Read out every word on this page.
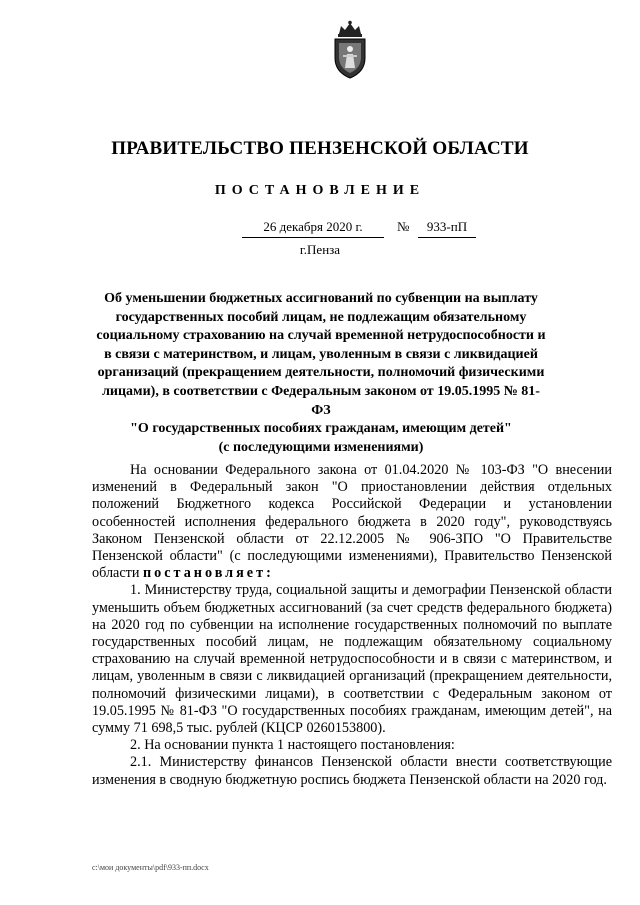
ПРАВИТЕЛЬСТВО ПЕНЗЕНСКОЙ ОБЛАСТИ
ПОСТАНОВЛЕНИЕ
26 декабря 2020 г.	№	933-пП
г.Пенза
Об уменьшении бюджетных ассигнований по субвенции на выплату
государственных пособий лицам, не подлежащим обязательному
социальному страхованию на случай временной нетрудоспособности и
в связи с материнством, и лицам, уволенным в связи с ликвидацией
организаций (прекращением деятельности, полномочий физическими
лицами), в соответствии с Федеральным законом от 19.05.1995 № 81-ФЗ
"О государственных пособиях гражданам, имеющим детей"
(с последующими изменениями)

На основании Федерального закона от 01.04.2020 № 103-ФЗ "О внесении изменений в Федеральный закон "О приостановлении действия отдельных положений Бюджетного кодекса Российской Федерации и установлении особенностей исполнения федерального бюджета в 2020 году", руководствуясь Законом Пензенской области от 22.12.2005 № 906-ЗПО "О Правительстве Пензенской области" (с последующими изменениями), Правительство Пензенской области постановляет:

1. Министерству труда, социальной защиты и демографии Пензенской области уменьшить объем бюджетных ассигнований (за счет средств федерального бюджета) на 2020 год по субвенции на исполнение государственных полномочий по выплате государственных пособий лицам, не подлежащим обязательному социальному страхованию на случай временной нетрудоспособности и в связи с материнством, и лицам, уволенным в связи с ликвидацией организаций (прекращением деятельности, полномочий физическими лицами), в соответствии с Федеральным законом от 19.05.1995 № 81-ФЗ "О государственных пособиях гражданам, имеющим детей", на сумму 71 698,5 тыс. рублей (КЦСР 0260153800).

2. На основании пункта 1 настоящего постановления:

2.1. Министерству финансов Пензенской области внести соответствующие изменения в сводную бюджетную роспись бюджета Пензенской области на 2020 год.

c:\мои документы\pdf\933-пп.docx
